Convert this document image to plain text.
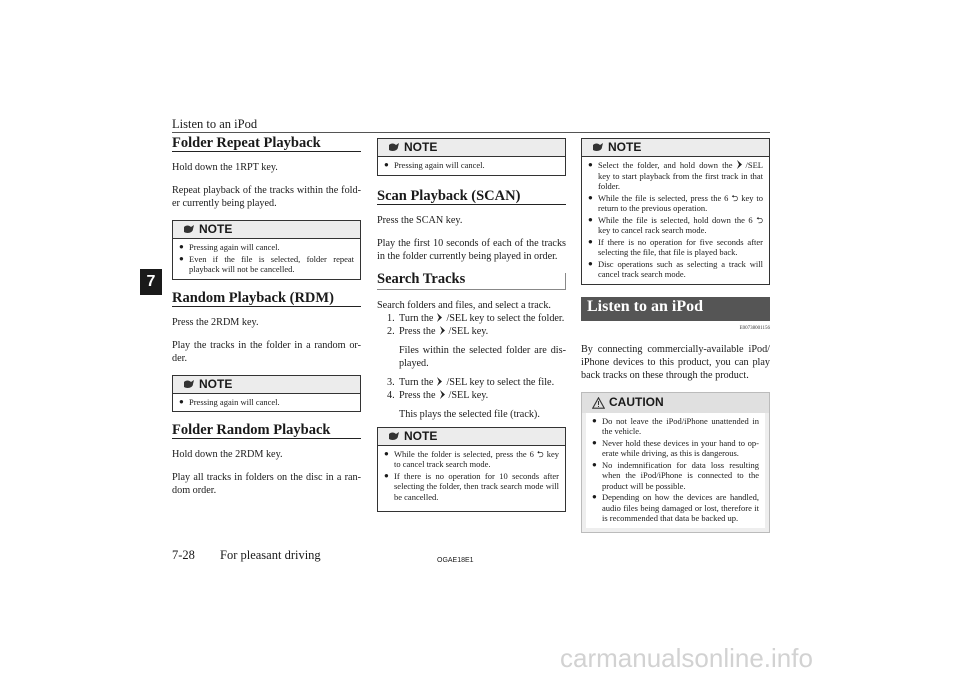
Listen to an iPod
7
Folder Repeat Playback

Hold down the 1RPT key.

Repeat playback of the tracks within the fold-er currently being played.

NOTE
● Pressing again will cancel.
● Even if the file is selected, folder repeat playback will not be cancelled.
Random Playback (RDM)

Press the 2RDM key.

Play the tracks in the folder in a random or-der.

NOTE
● Pressing again will cancel.
Folder Random Playback

Hold down the 2RDM key.

Play all tracks in folders on the disc in a ran-dom order.

NOTE
● Pressing again will cancel.
Scan Playback (SCAN)

Press the SCAN key.

Play the first 10 seconds of each of the tracks in the folder currently being played in order.

Search Tracks

Search folders and files, and select a track.

1. Turn the /SEL key to select the folder.
2. Press the /SEL key.
Files within the selected folder are dis-played.
3. Turn the /SEL key to select the file.
4. Press the /SEL key.
This plays the selected file (track).
NOTE
● While the folder is selected, press the 6 ⮌ key to cancel track search mode.
● If there is no operation for 10 seconds after selecting the folder, then track search mode will be cancelled.
NOTE
● Select the folder, and hold down the /SEL key to start playback from the first track in that folder.
● While the file is selected, press the 6 ⮌ key to return to the previous operation.
● While the file is selected, hold down the 6 ⮌ key to cancel rack search mode.
● If there is no operation for five seconds after selecting the file, that file is played back.
● Disc operations such as selecting a track will cancel track search mode.
Listen to an iPod
E00738001156

By connecting commercially-available iPod/ iPhone devices to this product, you can play back tracks on these through the product.

CAUTION
● Do not leave the iPod/iPhone unattended in the vehicle.
● Never hold these devices in your hand to op-erate while driving, as this is dangerous.
● No indemnification for data loss resulting when the iPod/iPhone is connected to the product will be possible.
● Depending on how the devices are handled, audio files being damaged or lost, therefore it is recommended that data be backed up.
7-28 For pleasant driving	OGAE18E1
carmanualsonline.info
